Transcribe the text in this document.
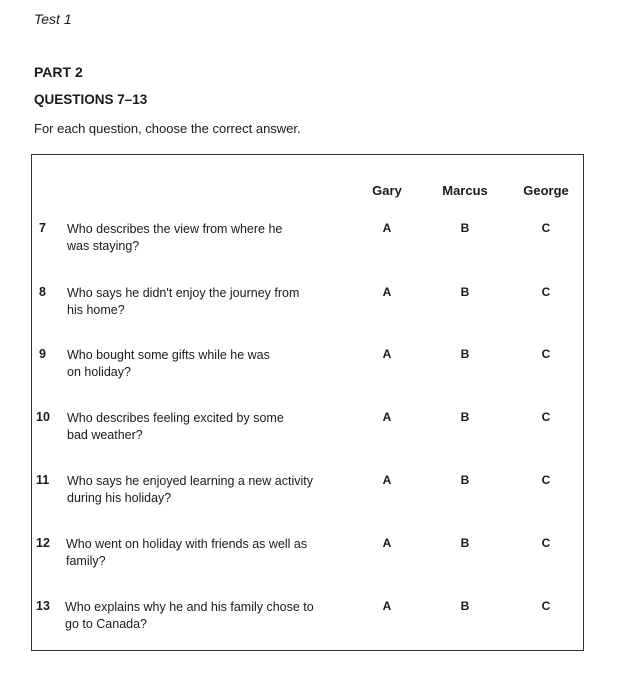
Test 1
PART 2
QUESTIONS 7–13
For each question, choose the correct answer.
Gary	Marcus	George
7	Who describes the view from where he
was staying?
A	B	C
8	Who says he didn't enjoy the journey from
his home?
A	B	C
9	Who bought some gifts while he was
on holiday?
A	B	C
10	Who describes feeling excited by some
bad weather?
A	B	C
11	Who says he enjoyed learning a new activity
during his holiday?
A	B	C
12	Who went on holiday with friends as well as
family?
A	B	C
13	Who explains why he and his family chose to
go to Canada?
A	B	C
